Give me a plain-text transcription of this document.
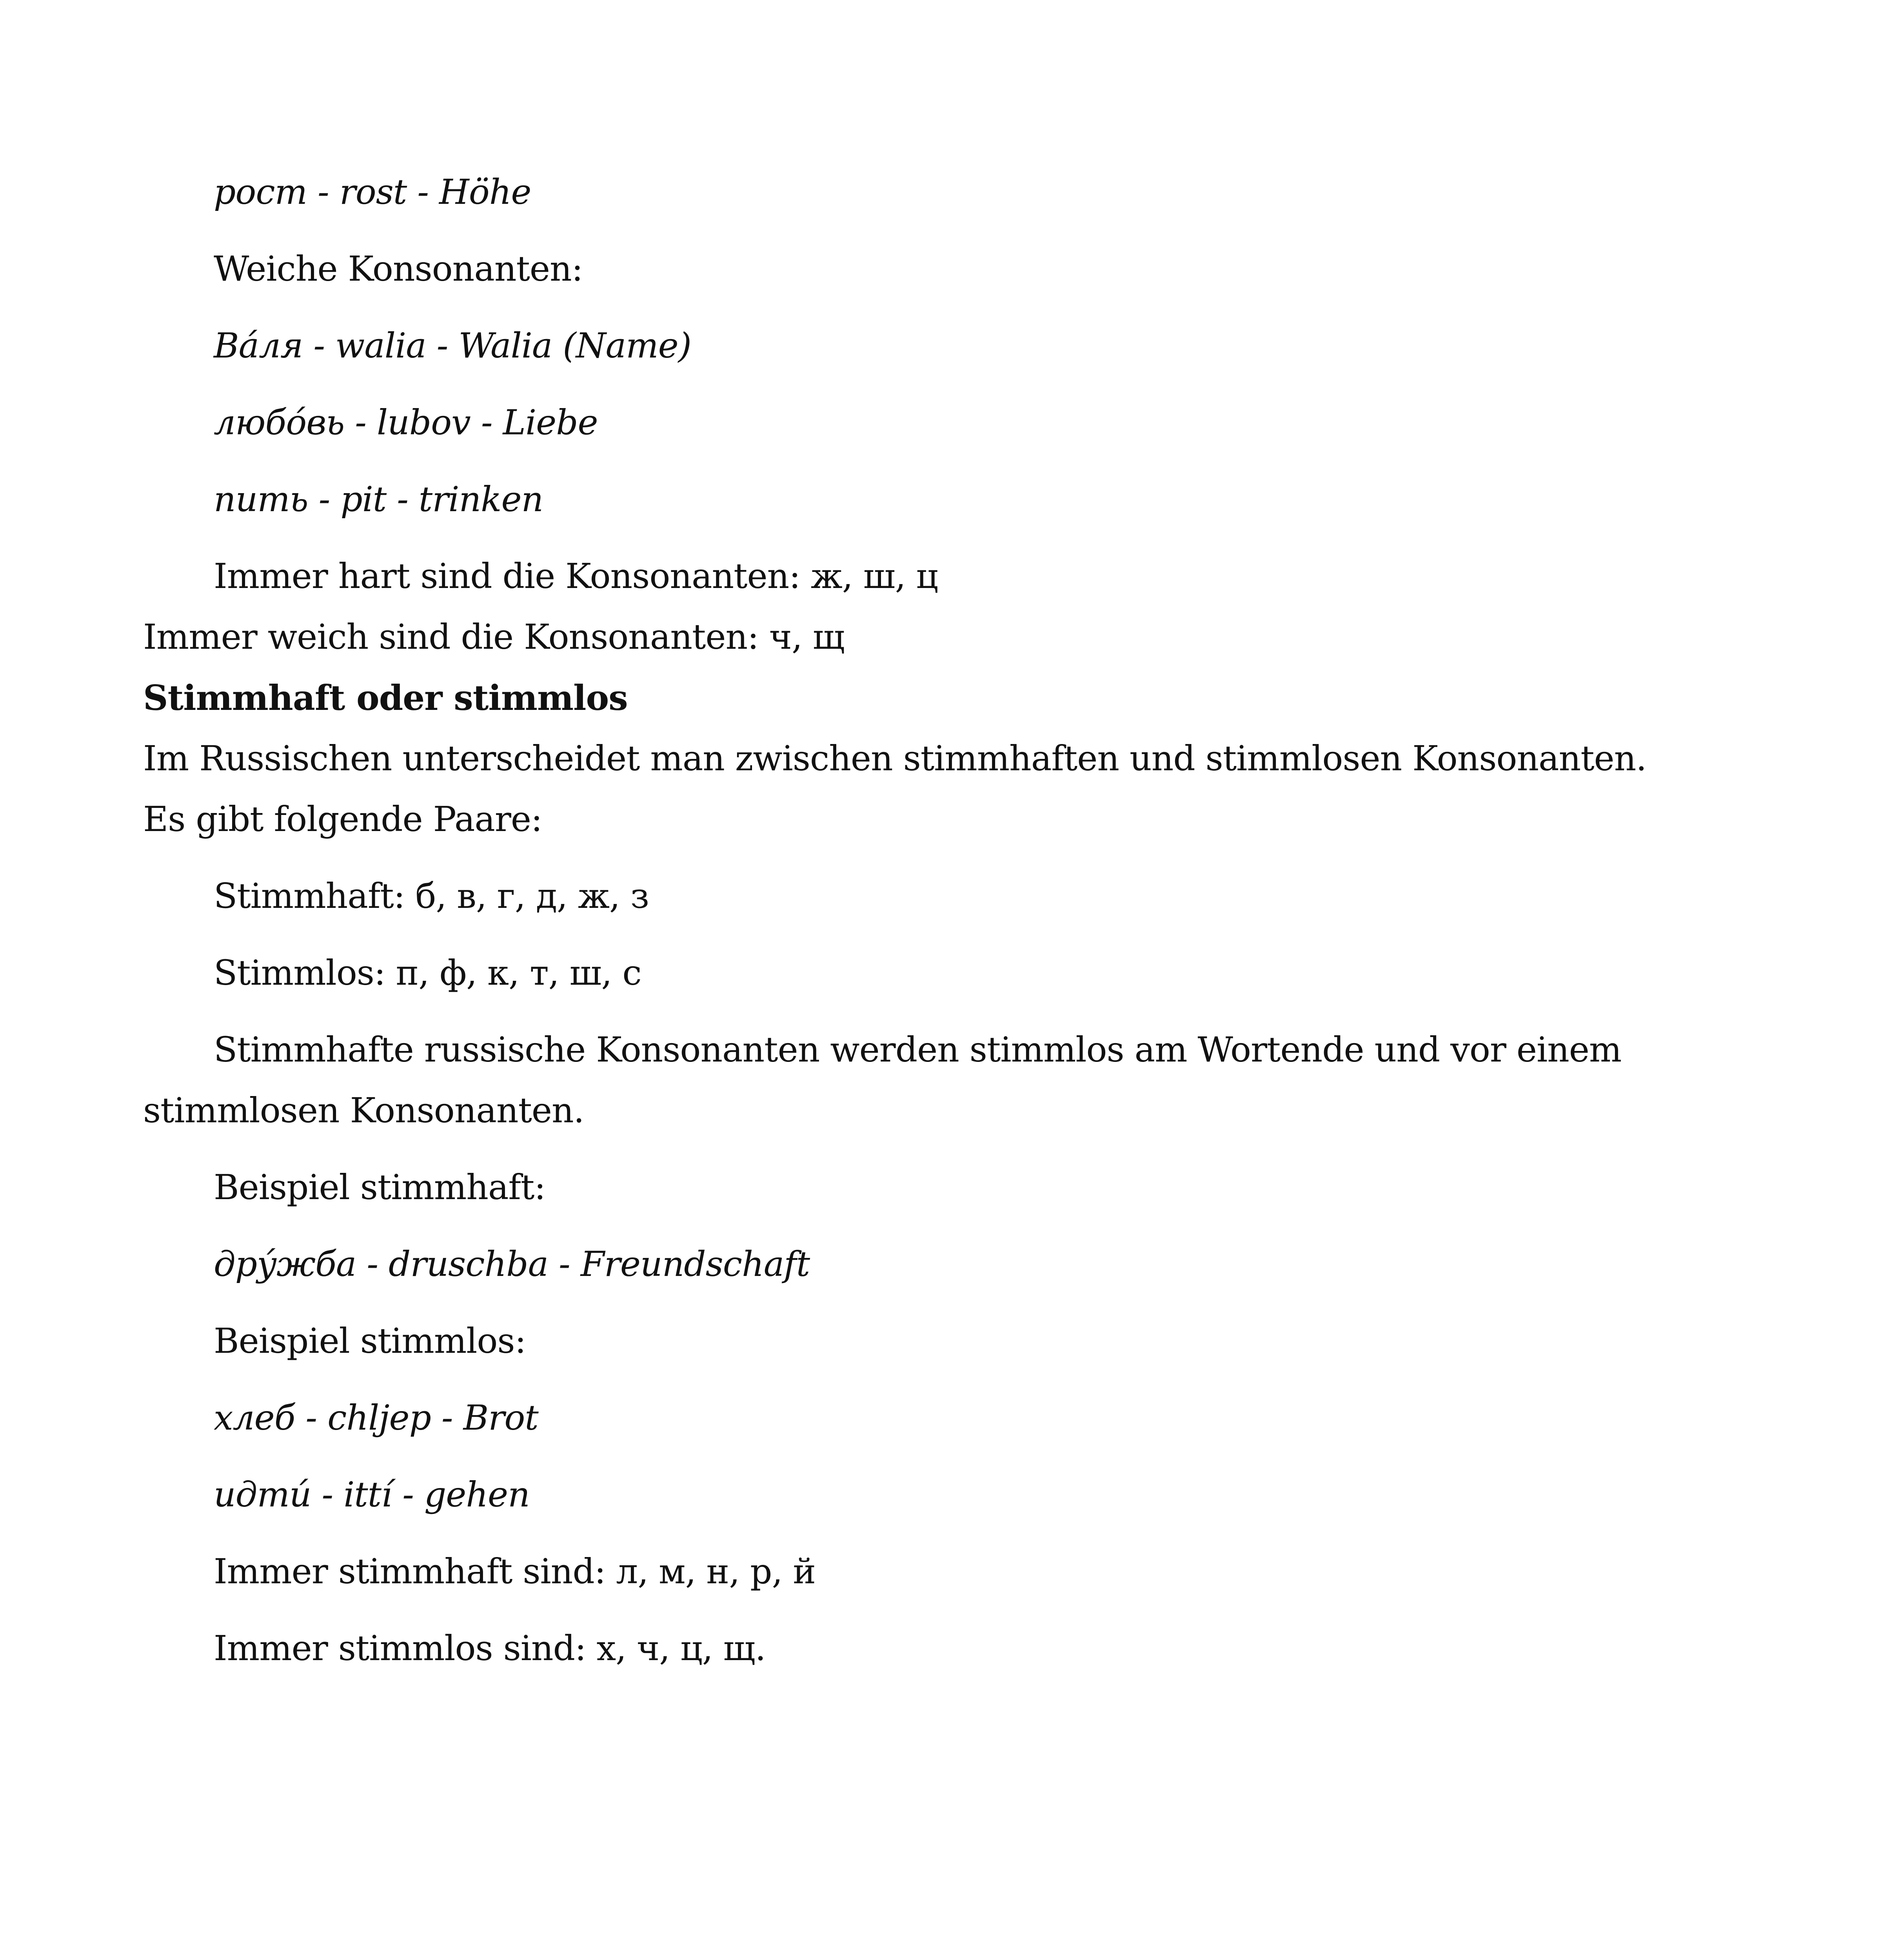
рост - rost - Höhe
Weiche Konsonanten:
Ва́ля - walia - Walia (Name)
любо́вь - lubov - Liebe
пить - pit - trinken
Immer hart sind die Konsonanten: ж, ш, ц
Immer weich sind die Konsonanten: ч, щ
Stimmhaft oder stimmlos
Im Russischen unterscheidet man zwischen stimmhaften und stimmlosen Konsonanten.
Es gibt folgende Paare:
Stimmhaft: б, в, г, д, ж, з
Stimmlos: п, ф, к, т, ш, с
Stimmhafte russische Konsonanten werden stimmlos am Wortende und vor einem
stimmlosen Konsonanten.
Beispiel stimmhaft:
дру́жба - druschba - Freundschaft
Beispiel stimmlos:
хлеб - chljep - Brot
идти́ - ittí - gehen
Immer stimmhaft sind: л, м, н, р, й
Immer stimmlos sind: х, ч, ц, щ.
